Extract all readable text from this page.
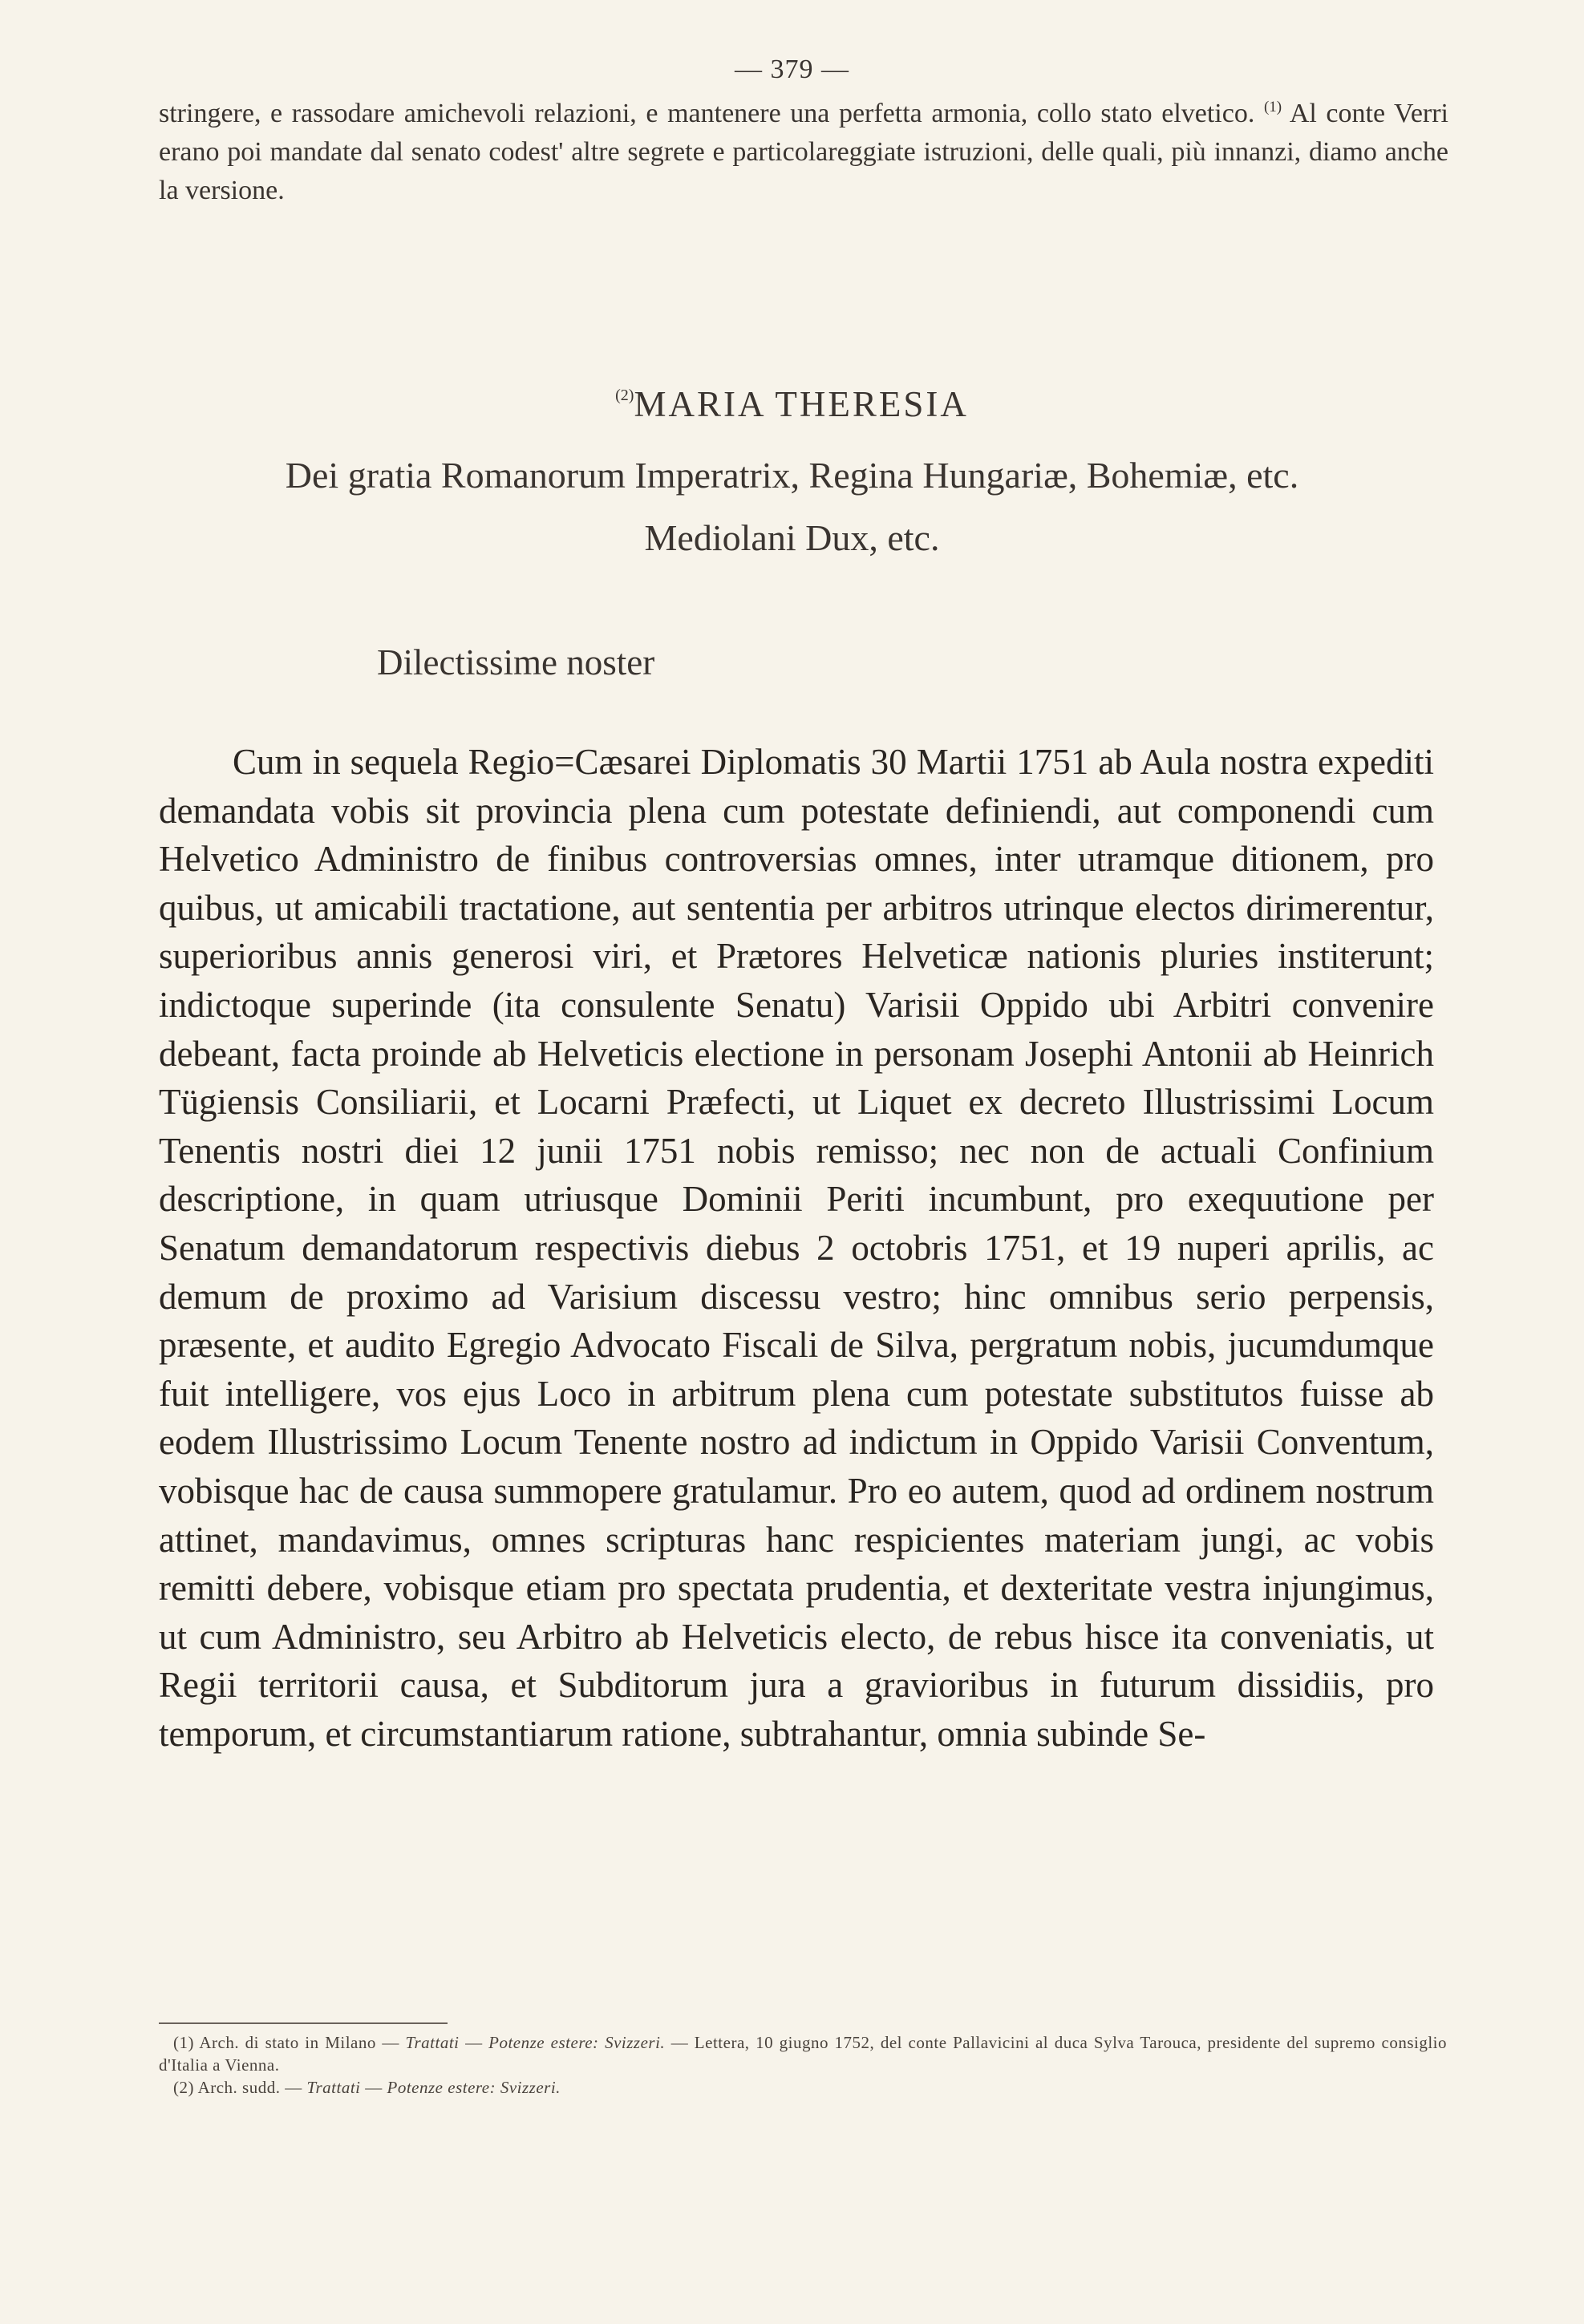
— 379 —

stringere, e rassodare amichevoli relazioni, e mantenere una perfetta armonia, collo stato elvetico. $^{(1)}$ Al conte Verri erano poi mandate dal senato codest' altre segrete e particolareggiate istruzioni, delle quali, più innanzi, diamo anche la versione.

$^{(2)}$MARIA THERESIA
Dei gratia Romanorum Imperatrix, Regina Hungariæ, Bohemiæ, etc.
Mediolani Dux, etc.
Dilectissime noster

Cum in sequela Regio=Cæsarei Diplomatis 30 Martii 1751 ab Aula nostra expediti demandata vobis sit provincia plena cum potestate definiendi, aut componendi cum Helvetico Administro de finibus controversias omnes, inter utramque ditionem, pro quibus, ut amicabili tractatione, aut sententia per arbitros utrinque electos dirimerentur, superioribus annis generosi viri, et Prætores Helveticæ nationis pluries institerunt; indictoque superinde (ita consulente Senatu) Varisii Oppido ubi Arbitri convenire debeant, facta proinde ab Helveticis electione in personam Josephi Antonii ab Heinrich Tügiensis Consiliarii, et Locarni Præfecti, ut Liquet ex decreto Illustrissimi Locum Tenentis nostri diei 12 junii 1751 nobis remisso; nec non de actuali Confinium descriptione, in quam utriusque Dominii Periti incumbunt, pro exequutione per Senatum demandatorum respectivis diebus 2 octobris 1751, et 19 nuperi aprilis, ac demum de proximo ad Varisium discessu vestro; hinc omnibus serio perpensis, præsente, et audito Egregio Advocato Fiscali de Silva, pergratum nobis, jucumdumque fuit intelligere, vos ejus Loco in arbitrum plena cum potestate substitutos fuisse ab eodem Illustrissimo Locum Tenente nostro ad indictum in Oppido Varisii Conventum, vobisque hac de causa summopere gratulamur. Pro eo autem, quod ad ordinem nostrum attinet, mandavimus, omnes scripturas hanc respicientes materiam jungi, ac vobis remitti debere, vobisque etiam pro spectata prudentia, et dexteritate vestra injungimus, ut cum Administro, seu Arbitro ab Helveticis electo, de rebus hisce ita conveniatis, ut Regii territorii causa, et Subditorum jura a gravioribus in futurum dissidiis, pro temporum, et circumstantiarum ratione, subtrahantur, omnia subinde Se-

(1) Arch. di stato in Milano — Trattati — Potenze estere: Svizzeri. — Lettera, 10 giugno 1752, del conte Pallavicini al duca Sylva Tarouca, presidente del supremo consiglio d'Italia a Vienna.

(2) Arch. sudd. — Trattati — Potenze estere: Svizzeri.
